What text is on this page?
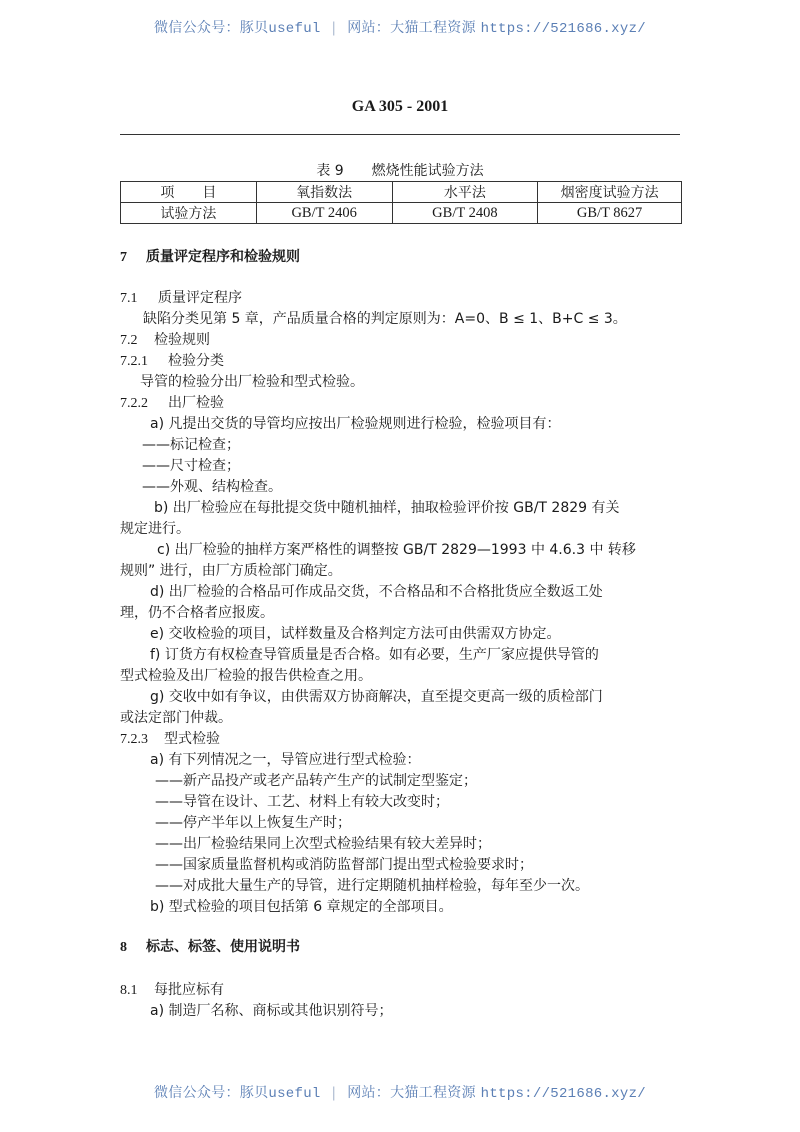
微信公众号：豚贝useful | 网站：大猫工程资源 https://521686.xyz/
GA 305 - 2001
表 9 燃烧性能试验方法
项　　目	氧指数法	水平法	烟密度试验方法
试验方法	GB/T 2406	GB/T 2408	GB/T 8627
7 质量评定程序和检验规则
7.1 质量评定程序
缺陷分类见第 5 章，产品质量合格的判定原则为：A=0、B ≤ 1、B+C ≤ 3。
7.2 检验规则
7.2.1 检验分类
导管的检验分出厂检验和型式检验。
7.2.2 出厂检验
a) 凡提出交货的导管均应按出厂检验规则进行检验，检验项目有：
——标记检查；
——尺寸检查；
——外观、结构检查。
b) 出厂检验应在每批提交货中随机抽样，抽取检验评价按 GB/T 2829 有关
规定进行。
c) 出厂检验的抽样方案严格性的调整按 GB/T 2829—1993 中 4.6.3 中 转移
规则” 进行，由厂方质检部门确定。
d) 出厂检验的合格品可作成品交货，不合格品和不合格批货应全数返工处
理，仍不合格者应报废。
e) 交收检验的项目，试样数量及合格判定方法可由供需双方协定。
f) 订货方有权检查导管质量是否合格。如有必要，生产厂家应提供导管的
型式检验及出厂检验的报告供检查之用。
g) 交收中如有争议，由供需双方协商解决，直至提交更高一级的质检部门
或法定部门仲裁。
7.2.3 型式检验
a) 有下列情况之一，导管应进行型式检验：
——新产品投产或老产品转产生产的试制定型鉴定；
——导管在设计、工艺、材料上有较大改变时；
——停产半年以上恢复生产时；
——出厂检验结果同上次型式检验结果有较大差异时；
——国家质量监督机构或消防监督部门提出型式检验要求时；
——对成批大量生产的导管，进行定期随机抽样检验，每年至少一次。
b) 型式检验的项目包括第 6 章规定的全部项目。
8 标志、标签、使用说明书
8.1 每批应标有
a) 制造厂名称、商标或其他识别符号；
微信公众号：豚贝useful | 网站：大猫工程资源 https://521686.xyz/
